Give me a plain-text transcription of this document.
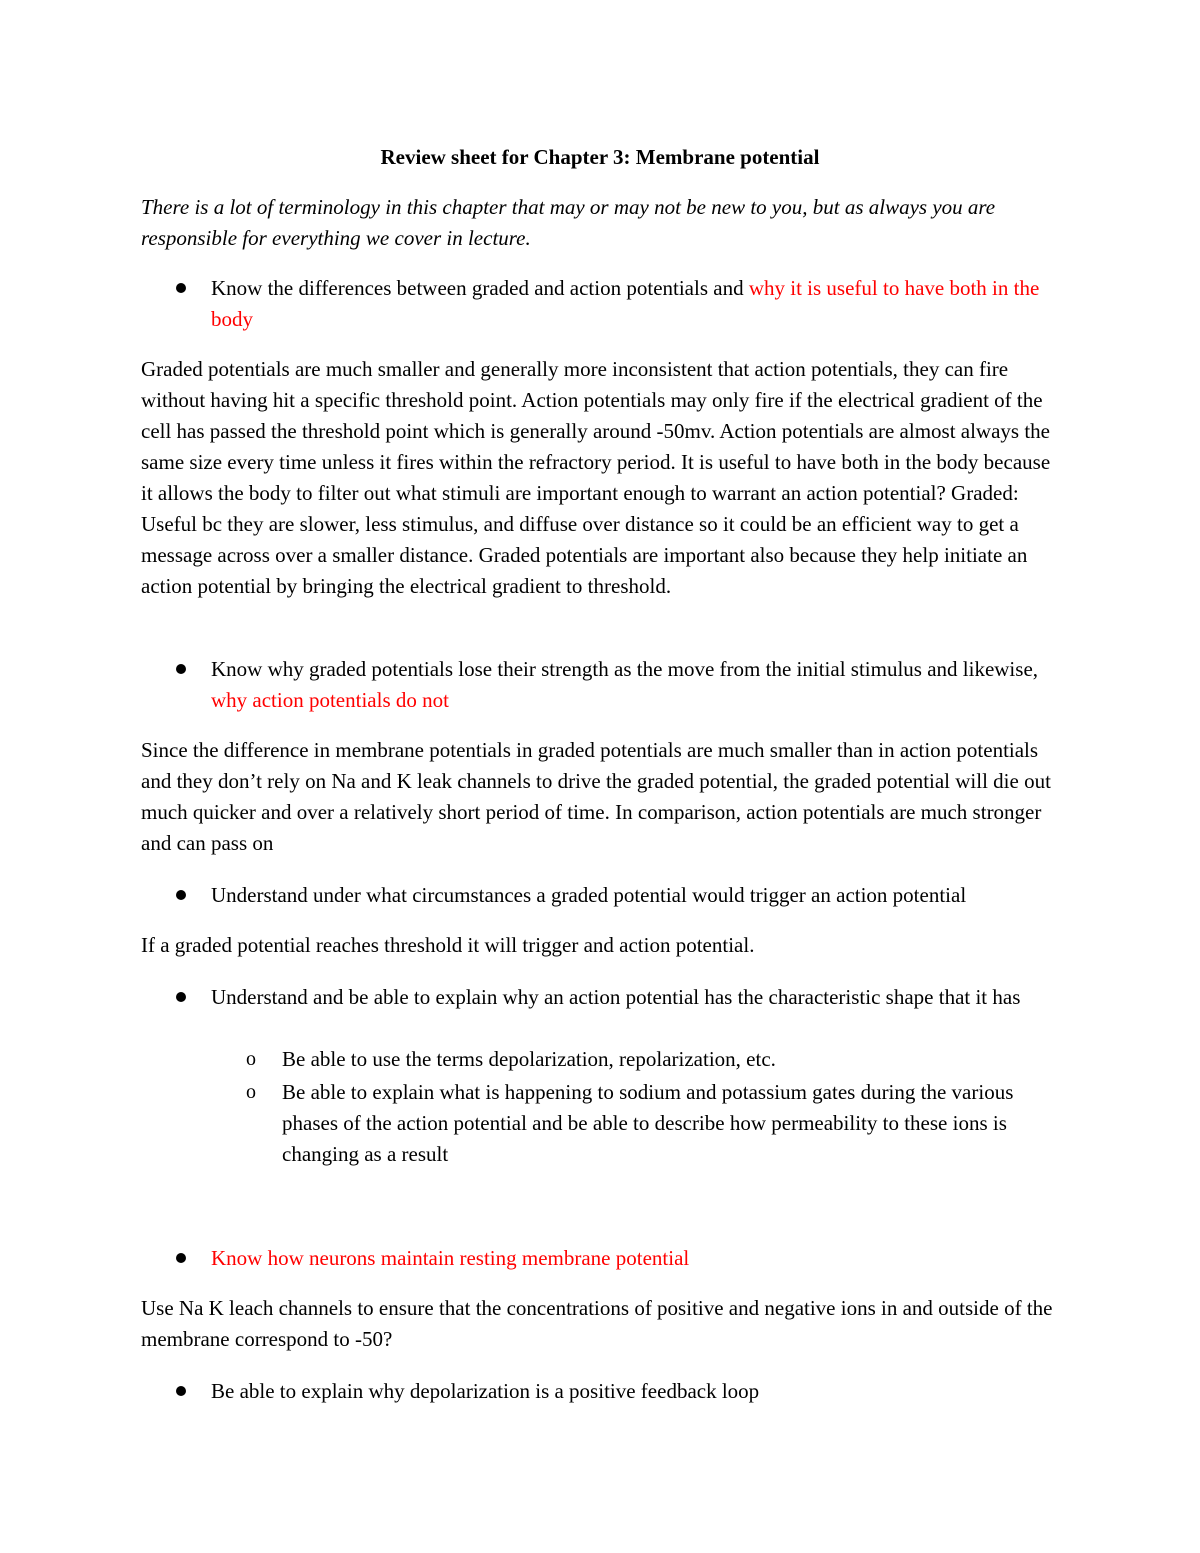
Review sheet for Chapter 3: Membrane potential
There is a lot of terminology in this chapter that may or may not be new to you, but as always you are responsible for everything we cover in lecture.
Know the differences between graded and action potentials and why it is useful to have both in the body
Graded potentials are much smaller and generally more inconsistent that action potentials, they can fire without having hit a specific threshold point. Action potentials may only fire if the electrical gradient of the cell has passed the threshold point which is generally around -50mv. Action potentials are almost always the same size every time unless it fires within the refractory period. It is useful to have both in the body because it allows the body to filter out what stimuli are important enough to warrant an action potential? Graded: Useful bc they are slower, less stimulus, and diffuse over distance so it could be an efficient way to get a message across over a smaller distance. Graded potentials are important also because they help initiate an action potential by bringing the electrical gradient to threshold.
Know why graded potentials lose their strength as the move from the initial stimulus and likewise, why action potentials do not
Since the difference in membrane potentials in graded potentials are much smaller than in action potentials and they don’t rely on Na and K leak channels to drive the graded potential, the graded potential will die out much quicker and over a relatively short period of time. In comparison, action potentials are much stronger and can pass on
Understand under what circumstances a graded potential would trigger an action potential
If a graded potential reaches threshold it will trigger and action potential.
Understand and be able to explain why an action potential has the characteristic shape that it has
o Be able to use the terms depolarization, repolarization, etc.
o Be able to explain what is happening to sodium and potassium gates during the various phases of the action potential and be able to describe how permeability to these ions is changing as a result
Know how neurons maintain resting membrane potential
Use Na K leach channels to ensure that the concentrations of positive and negative ions in and outside of the membrane correspond to -50?
Be able to explain why depolarization is a positive feedback loop
